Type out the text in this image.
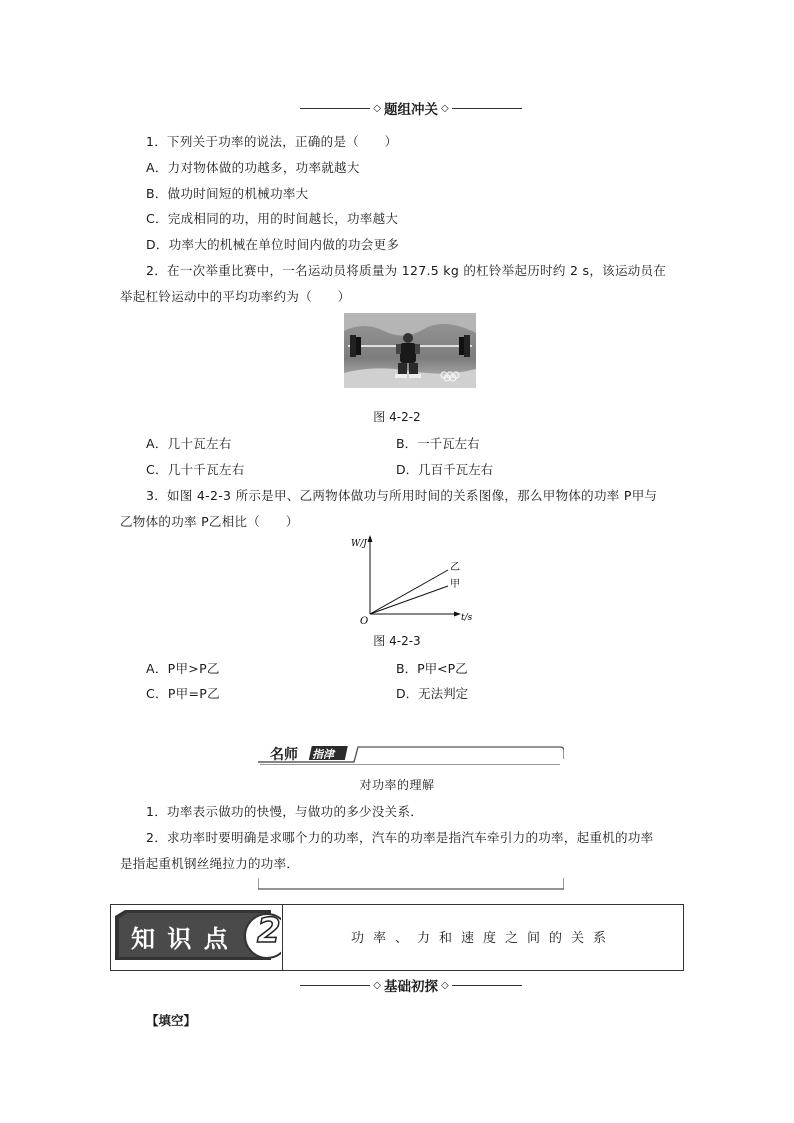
◇ 题组冲关 ◇
1．下列关于功率的说法，正确的是（　　）
A．力对物体做的功越多，功率就越大
B．做功时间短的机械功率大
C．完成相同的功，用的时间越长，功率越大
D．功率大的机械在单位时间内做的功会更多
2．在一次举重比赛中，一名运动员将质量为 127.5 kg 的杠铃举起历时约 2 s，该运动员在
举起杠铃运动中的平均功率约为（　　）
图 4-2-2
A．几十瓦左右	B．一千瓦左右
C．几十千瓦左右	D．几百千瓦左右
3．如图 4-2-3 所示是甲、乙两物体做功与所用时间的关系图像，那么甲物体的功率 P甲与
乙物体的功率 P乙相比（　　）
W/J
t/s
O
乙
甲
图 4-2-3
A．P甲>P乙	B．P甲<P乙
C．P甲=P乙	D．无法判定
名师 指津
对功率的理解
1．功率表示做功的快慢，与做功的多少没关系．
2．求功率时要明确是求哪个力的功率，汽车的功率是指汽车牵引力的功率，起重机的功率
是指起重机钢丝绳拉力的功率．
知 识 点 2	功率、力和速度之间的关系
◇ 基础初探 ◇
【填空】
